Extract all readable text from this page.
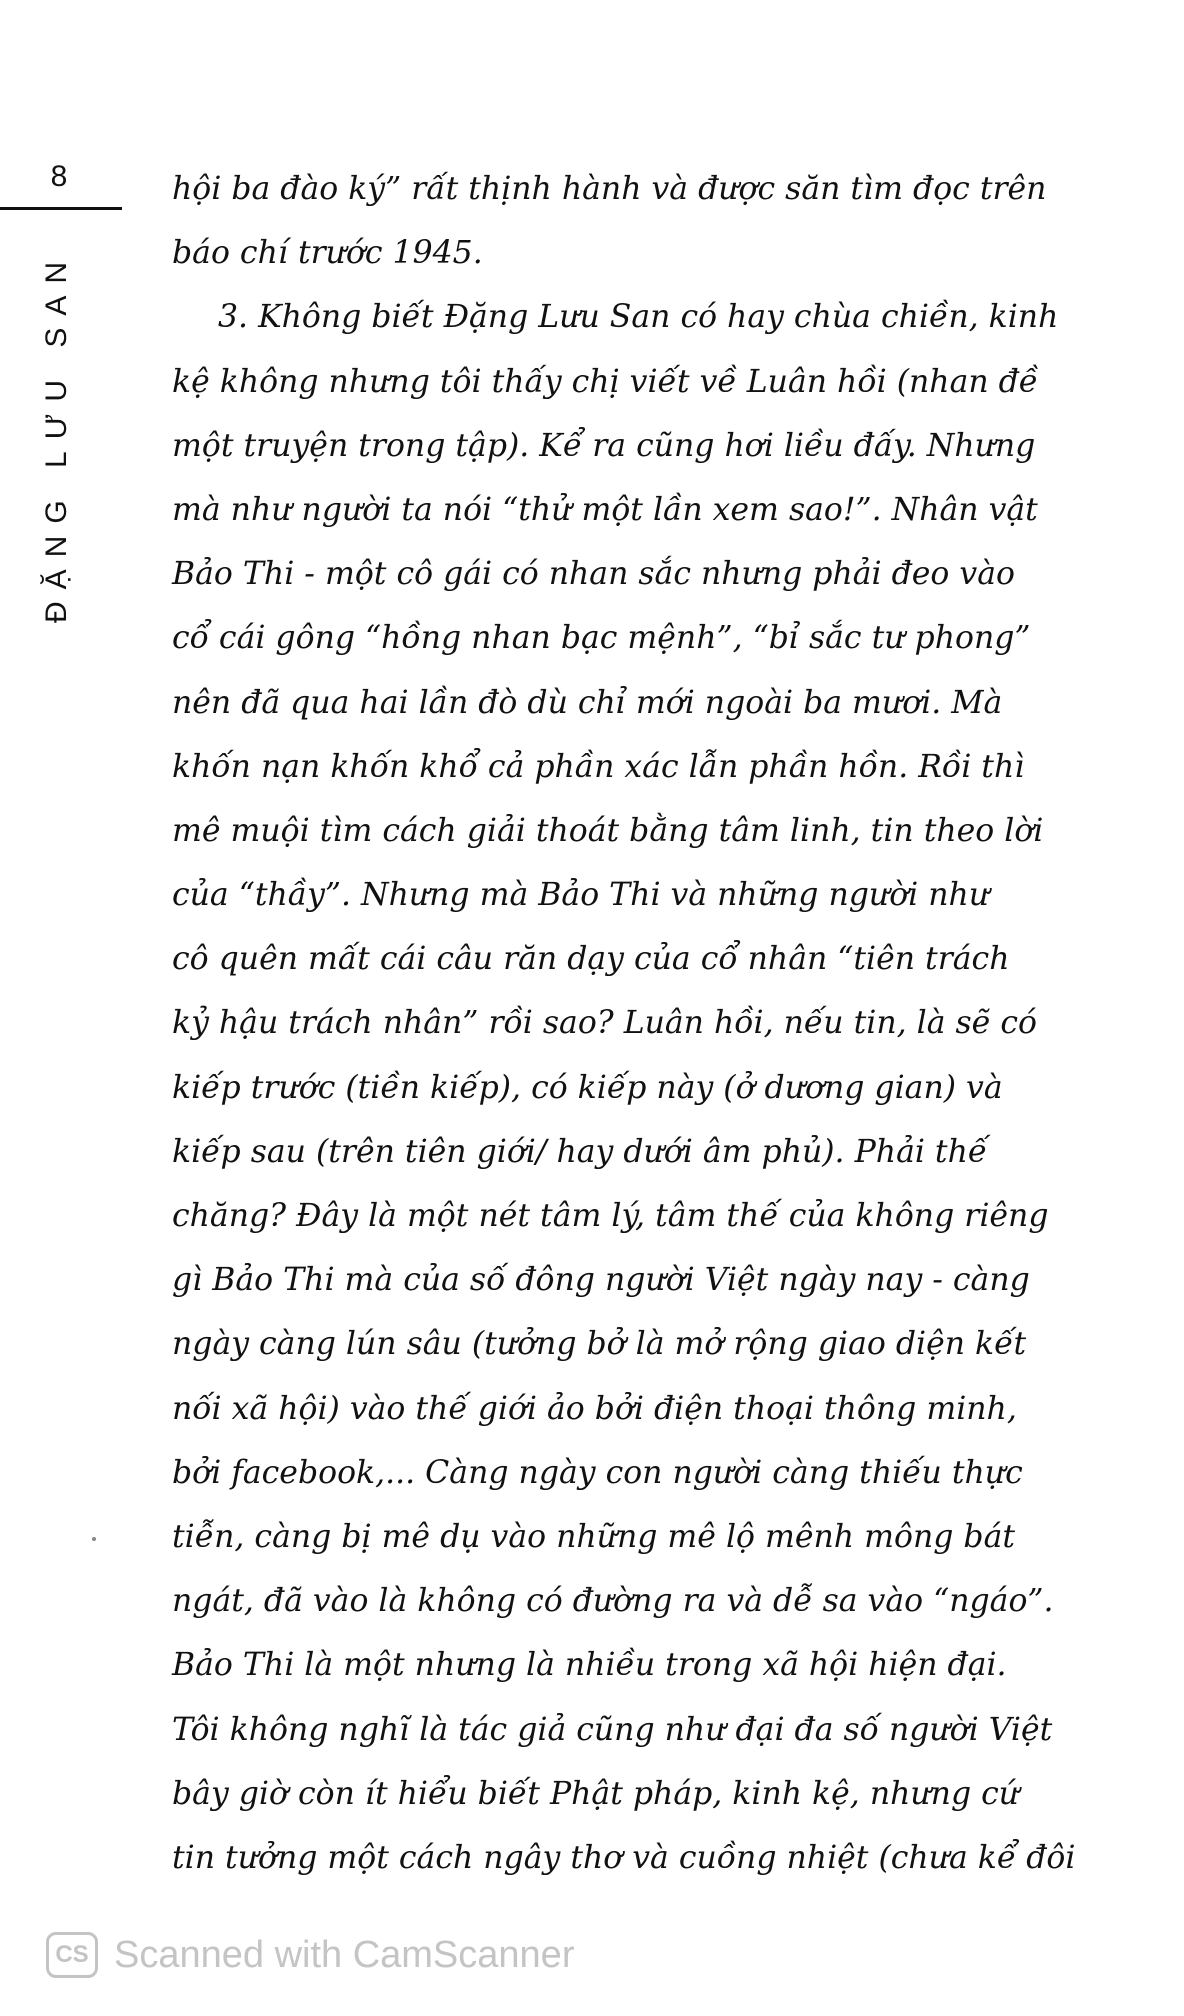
8
ĐẶNG LƯU SAN
hội ba đào ký” rất thịnh hành và được săn tìm đọc trên
báo chí trước 1945.
3. Không biết Đặng Lưu San có hay chùa chiền, kinh
kệ không nhưng tôi thấy chị viết về Luân hồi (nhan đề
một truyện trong tập). Kể ra cũng hơi liều đấy. Nhưng
mà như người ta nói “thử một lần xem sao!”. Nhân vật
Bảo Thi - một cô gái có nhan sắc nhưng phải đeo vào
cổ cái gông “hồng nhan bạc mệnh”, “bỉ sắc tư phong”
nên đã qua hai lần đò dù chỉ mới ngoài ba mươi. Mà
khốn nạn khốn khổ cả phần xác lẫn phần hồn. Rồi thì
mê muội tìm cách giải thoát bằng tâm linh, tin theo lời
của “thầy”. Nhưng mà Bảo Thi và những người như
cô quên mất cái câu răn dạy của cổ nhân “tiên trách
kỷ hậu trách nhân” rồi sao? Luân hồi, nếu tin, là sẽ có
kiếp trước (tiền kiếp), có kiếp này (ở dương gian) và
kiếp sau (trên tiên giới/ hay dưới âm phủ). Phải thế
chăng? Đây là một nét tâm lý, tâm thế của không riêng
gì Bảo Thi mà của số đông người Việt ngày nay - càng
ngày càng lún sâu (tưởng bở là mở rộng giao diện kết
nối xã hội) vào thế giới ảo bởi điện thoại thông minh,
bởi facebook,... Càng ngày con người càng thiếu thực
tiễn, càng bị mê dụ vào những mê lộ mênh mông bát
ngát, đã vào là không có đường ra và dễ sa vào “ngáo”.
Bảo Thi là một nhưng là nhiều trong xã hội hiện đại.
Tôi không nghĩ là tác giả cũng như đại đa số người Việt
bây giờ còn ít hiểu biết Phật pháp, kinh kệ, nhưng cứ
tin tưởng một cách ngây thơ và cuồng nhiệt (chưa kể đôi
CS Scanned with CamScanner
